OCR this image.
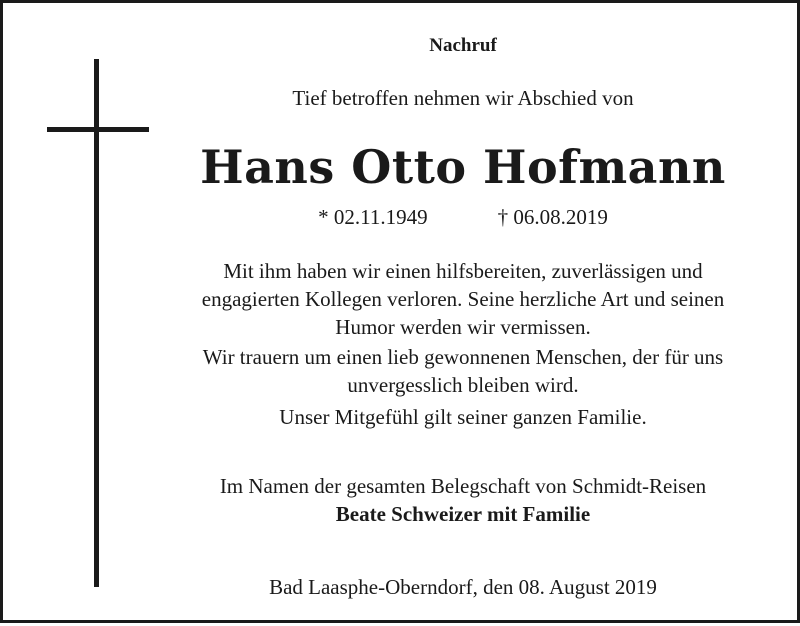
Nachruf
Tief betroffen nehmen wir Abschied von
Hans Otto Hofmann
* 02.11.1949	† 06.08.2019
Mit ihm haben wir einen hilfsbereiten, zuverlässigen und
engagierten Kollegen verloren. Seine herzliche Art und seinen
Humor werden wir vermissen.
Wir trauern um einen lieb gewonnenen Menschen, der für uns
unvergesslich bleiben wird.
Unser Mitgefühl gilt seiner ganzen Familie.
Im Namen der gesamten Belegschaft von Schmidt-Reisen
Beate Schweizer mit Familie
Bad Laasphe-Oberndorf, den 08. August 2019
